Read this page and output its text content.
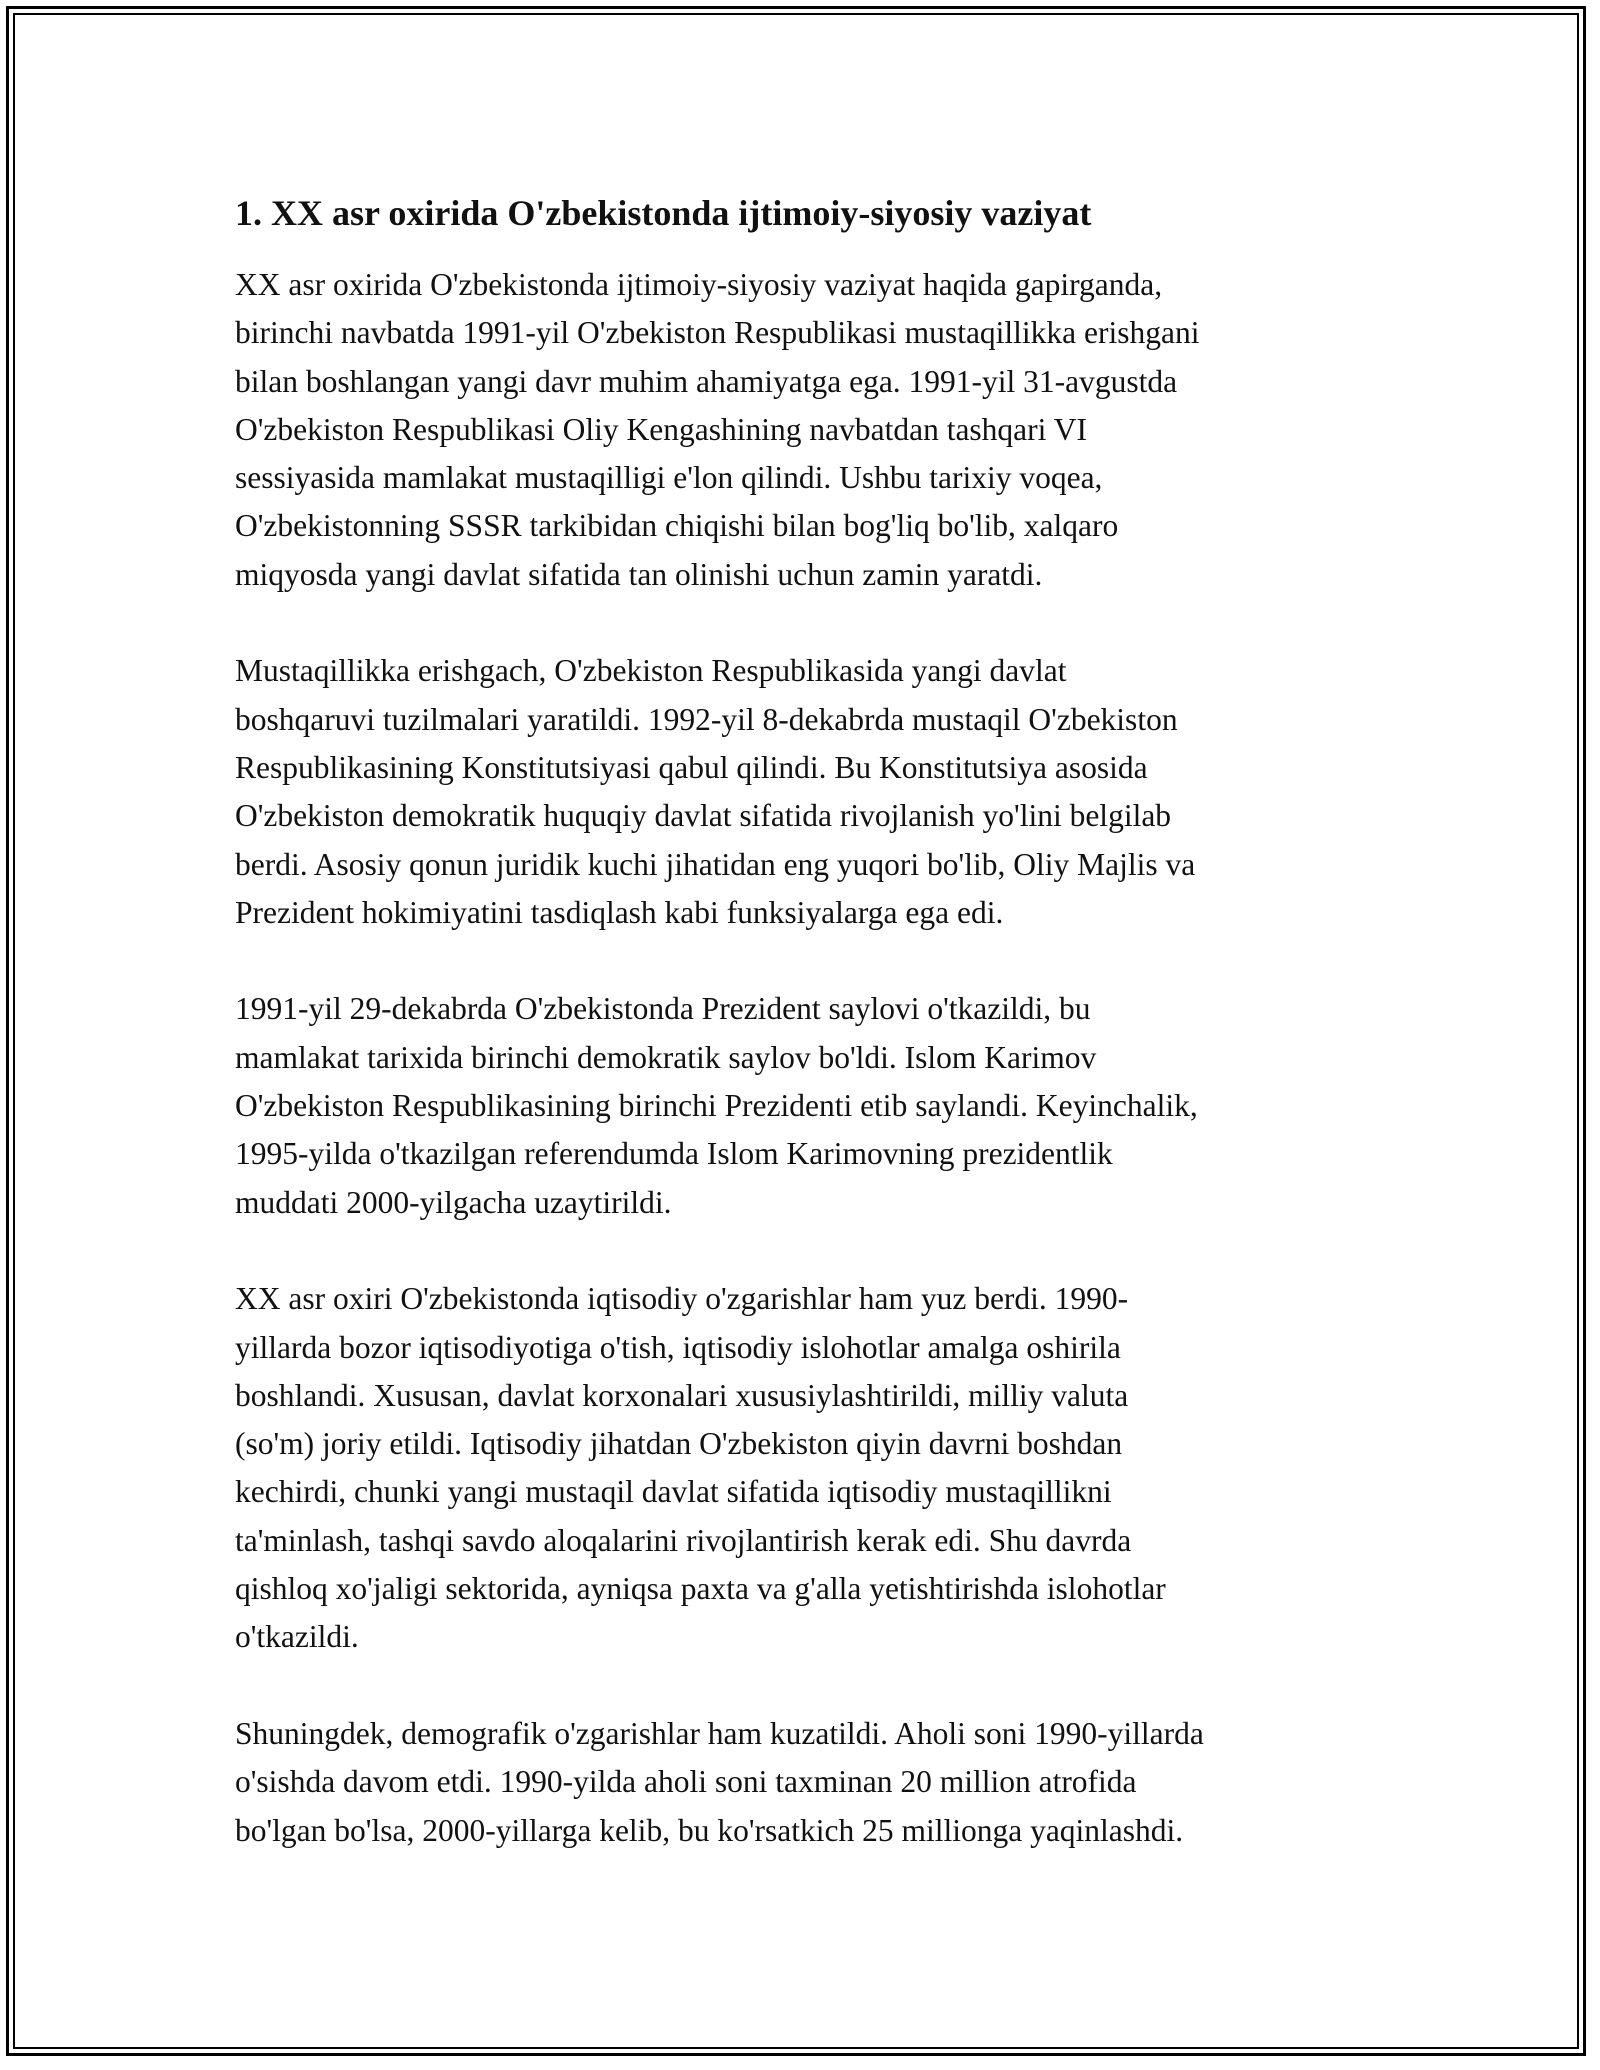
1. XX asr oxirida O'zbekistonda ijtimoiy-siyosiy vaziyat

XX asr oxirida O'zbekistonda ijtimoiy-siyosiy vaziyat haqida gapirganda,
birinchi navbatda 1991-yil O'zbekiston Respublikasi mustaqillikka erishgani
bilan boshlangan yangi davr muhim ahamiyatga ega. 1991-yil 31-avgustda
O'zbekiston Respublikasi Oliy Kengashining navbatdan tashqari VI
sessiyasida mamlakat mustaqilligi e'lon qilindi. Ushbu tarixiy voqea,
O'zbekistonning SSSR tarkibidan chiqishi bilan bog'liq bo'lib, xalqaro
miqyosda yangi davlat sifatida tan olinishi uchun zamin yaratdi.

Mustaqillikka erishgach, O'zbekiston Respublikasida yangi davlat
boshqaruvi tuzilmalari yaratildi. 1992-yil 8-dekabrda mustaqil O'zbekiston
Respublikasining Konstitutsiyasi qabul qilindi. Bu Konstitutsiya asosida
O'zbekiston demokratik huquqiy davlat sifatida rivojlanish yo'lini belgilab
berdi. Asosiy qonun juridik kuchi jihatidan eng yuqori bo'lib, Oliy Majlis va
Prezident hokimiyatini tasdiqlash kabi funksiyalarga ega edi.

1991-yil 29-dekabrda O'zbekistonda Prezident saylovi o'tkazildi, bu
mamlakat tarixida birinchi demokratik saylov bo'ldi. Islom Karimov
O'zbekiston Respublikasining birinchi Prezidenti etib saylandi. Keyinchalik,
1995-yilda o'tkazilgan referendumda Islom Karimovning prezidentlik
muddati 2000-yilgacha uzaytirildi.

XX asr oxiri O'zbekistonda iqtisodiy o'zgarishlar ham yuz berdi. 1990-
yillarda bozor iqtisodiyotiga o'tish, iqtisodiy islohotlar amalga oshirila
boshlandi. Xususan, davlat korxonalari xususiylashtirildi, milliy valuta
(so'm) joriy etildi. Iqtisodiy jihatdan O'zbekiston qiyin davrni boshdan
kechirdi, chunki yangi mustaqil davlat sifatida iqtisodiy mustaqillikni
ta'minlash, tashqi savdo aloqalarini rivojlantirish kerak edi. Shu davrda
qishloq xo'jaligi sektorida, ayniqsa paxta va g'alla yetishtirishda islohotlar
o'tkazildi.

Shuningdek, demografik o'zgarishlar ham kuzatildi. Aholi soni 1990-yillarda
o'sishda davom etdi. 1990-yilda aholi soni taxminan 20 million atrofida
bo'lgan bo'lsa, 2000-yillarga kelib, bu ko'rsatkich 25 millionga yaqinlashdi.
